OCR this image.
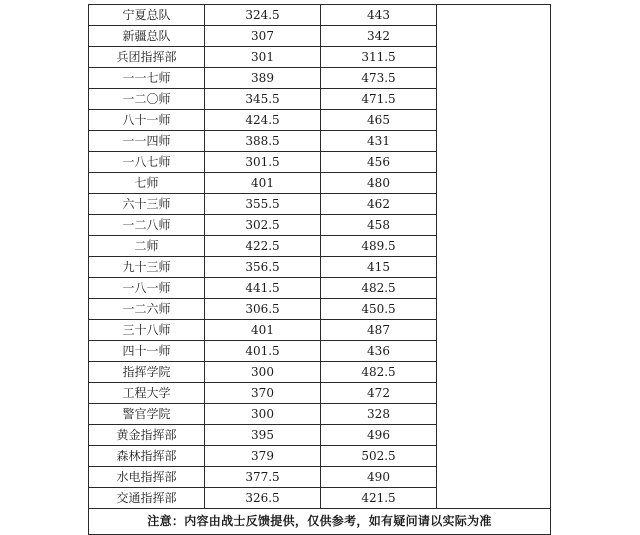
宁夏总队	324.5	443	
新疆总队	307	342	
兵团指挥部	301	311.5	
一一七师	389	473.5	
一二〇师	345.5	471.5	
八十一师	424.5	465	
一一四师	388.5	431	
一八七师	301.5	456	
七师	401	480	
六十三师	355.5	462	
一二八师	302.5	458	
二师	422.5	489.5	
九十三师	356.5	415	
一八一师	441.5	482.5	
一二六师	306.5	450.5	
三十八师	401	487	
四十一师	401.5	436	
指挥学院	300	482.5	
工程大学	370	472	
警官学院	300	328	
黄金指挥部	395	496	
森林指挥部	379	502.5	
水电指挥部	377.5	490	
交通指挥部	326.5	421.5	
注意：内容由战士反馈提供，仅供参考，如有疑问请以实际为准			
